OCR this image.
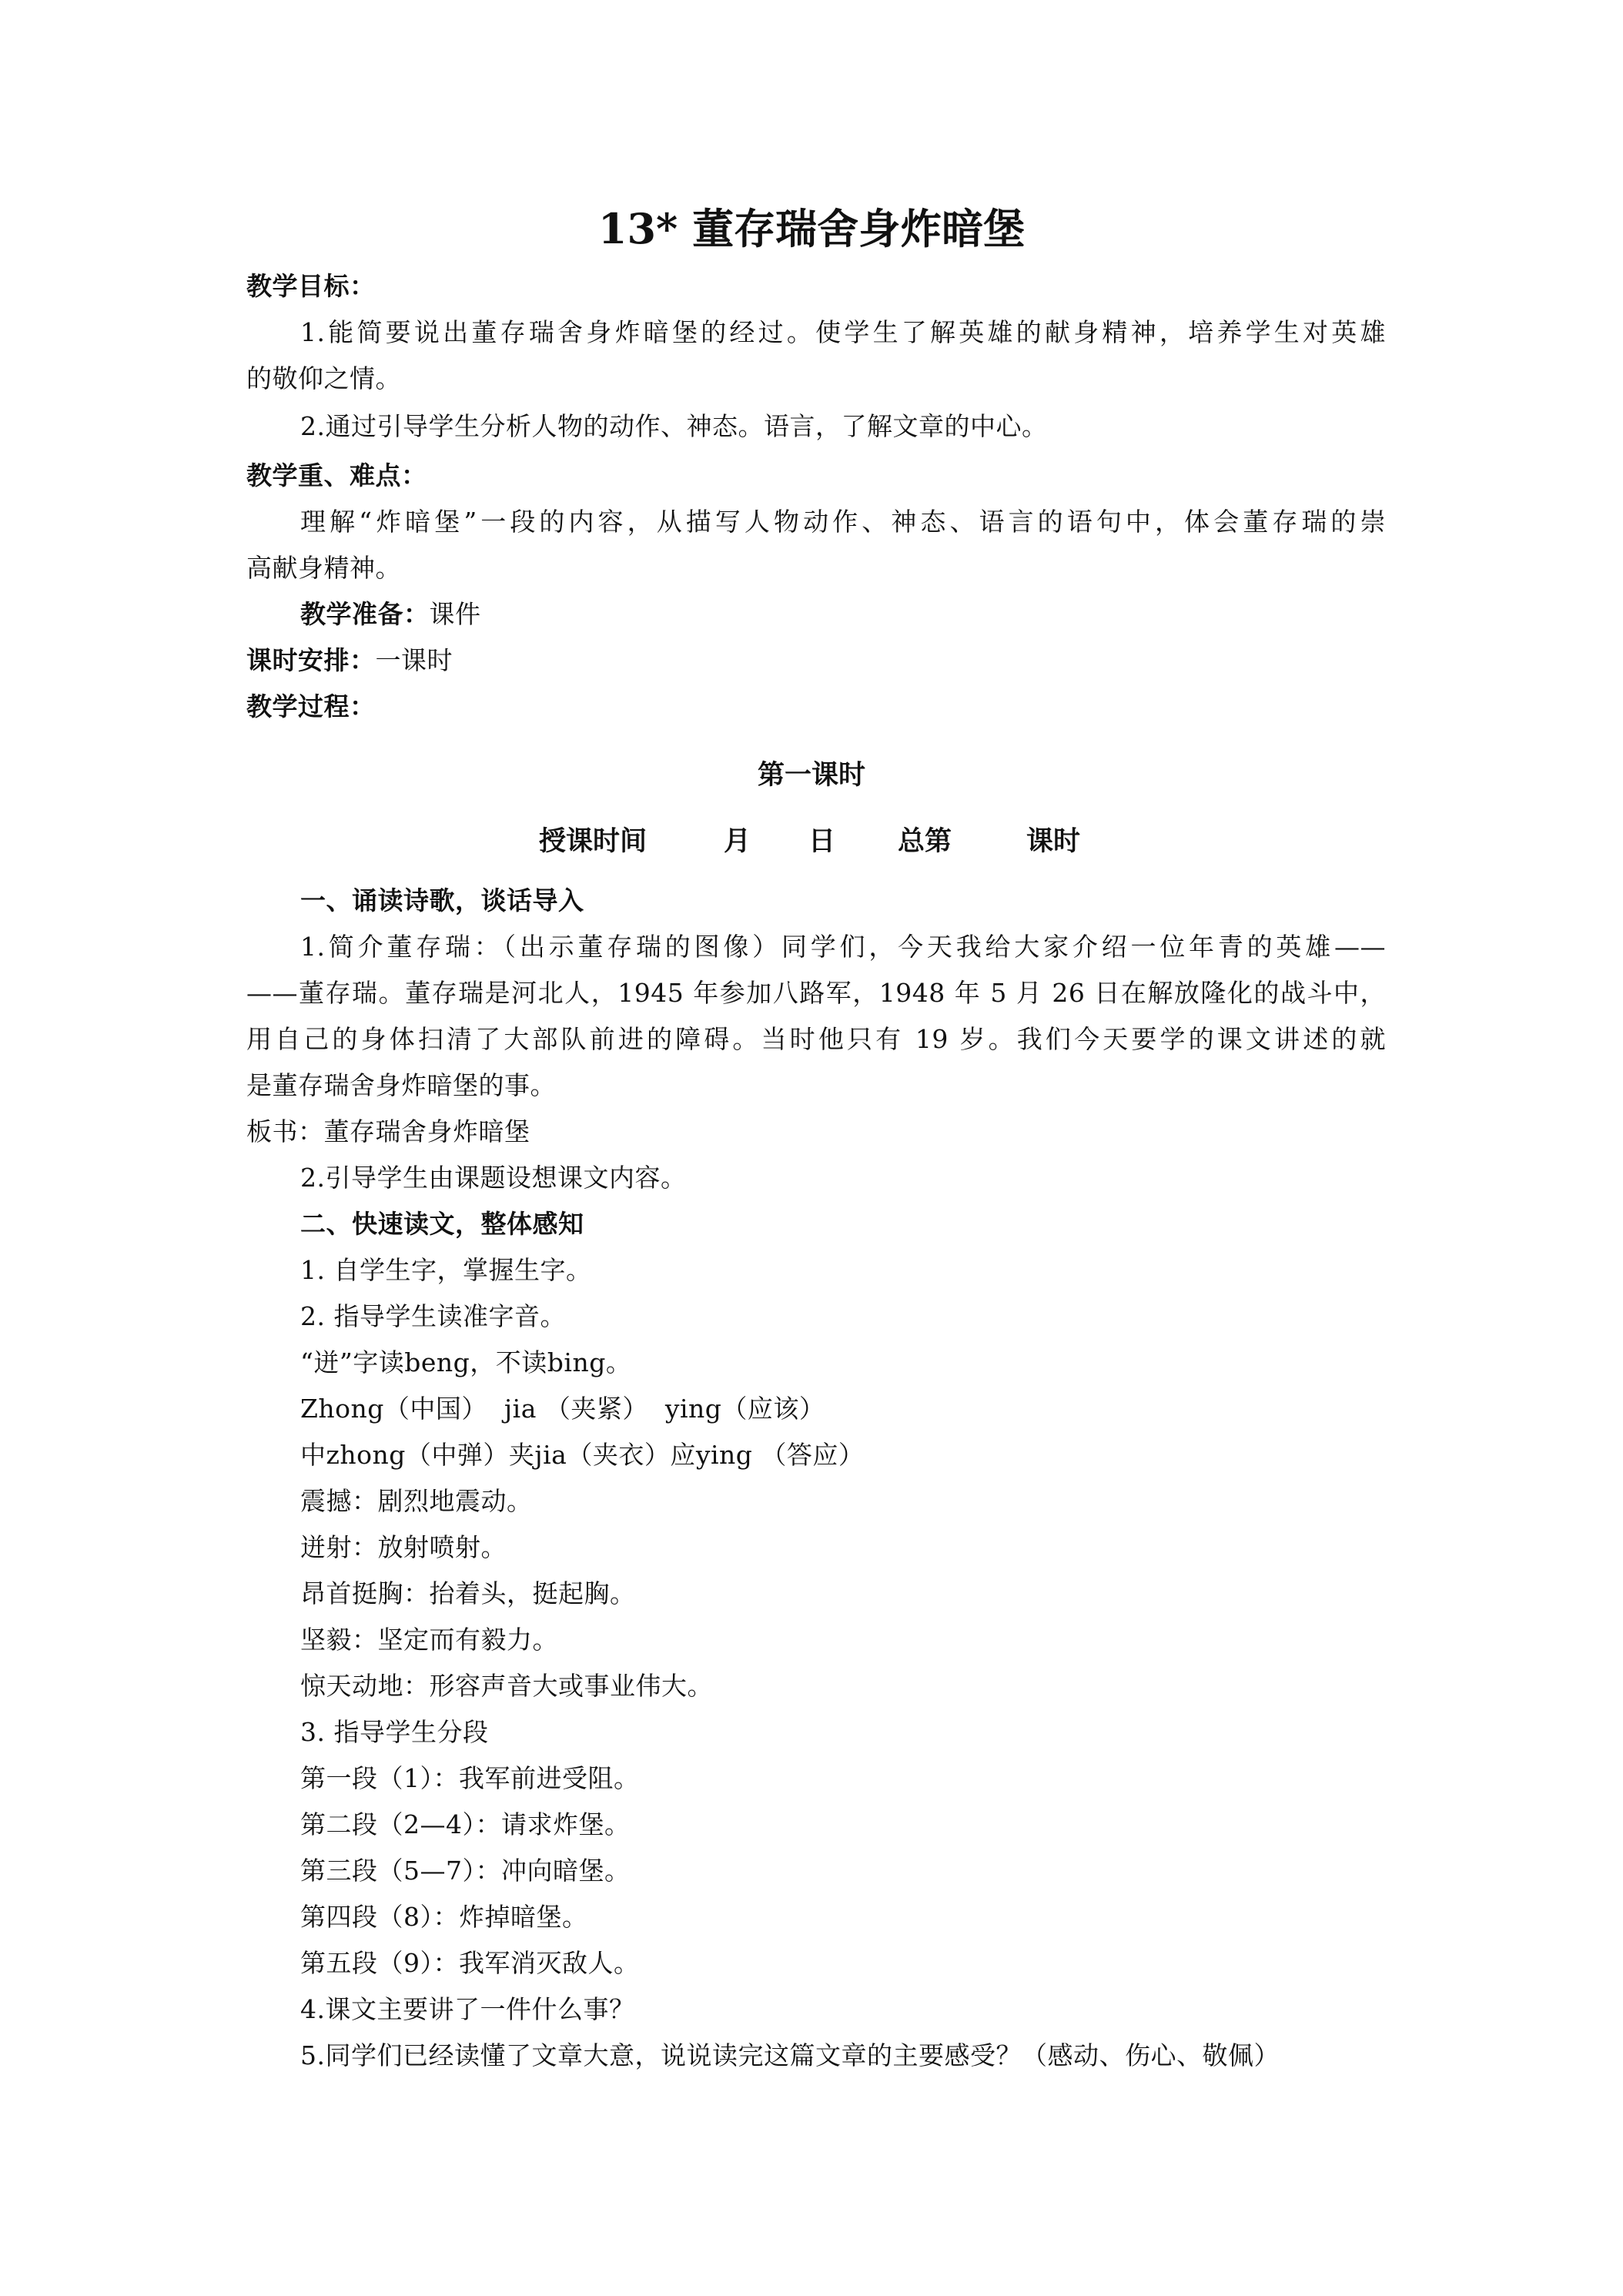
13* 董存瑞舍身炸暗堡
教学目标：
1.能简要说出董存瑞舍身炸暗堡的经过。使学生了解英雄的献身精神，培养学生对英雄
的敬仰之情。
2.通过引导学生分析人物的动作、神态。语言，了解文章的中心。
教学重、难点：
理解“炸暗堡”一段的内容，从描写人物动作、神态、语言的语句中，体会董存瑞的崇
高献身精神。
教学准备：课件
课时安排：一课时
教学过程：
第一课时
授课时间	月 日 总第	课时
一、诵读诗歌，谈话导入
1.简介董存瑞：（出示董存瑞的图像）同学们，今天我给大家介绍一位年青的英雄——
——董存瑞。董存瑞是河北人，1945 年参加八路军，1948 年 5 月 26 日在解放隆化的战斗中，
用自己的身体扫清了大部队前进的障碍。当时他只有 19 岁。我们今天要学的课文讲述的就
是董存瑞舍身炸暗堡的事。
板书：董存瑞舍身炸暗堡
2.引导学生由课题设想课文内容。
二、快速读文，整体感知
1. 自学生字，掌握生字。
2. 指导学生读准字音。
“迸”字读beng，不读bing。
Zhong（中国）  jia （夹紧）  ying（应该）
中zhong（中弹）夹jia（夹衣）应ying （答应）
震撼：剧烈地震动。
迸射：放射喷射。
昂首挺胸：抬着头，挺起胸。
坚毅：坚定而有毅力。
惊天动地：形容声音大或事业伟大。
3. 指导学生分段
第一段（1）：我军前进受阻。
第二段（2—4）：请求炸堡。
第三段（5—7）：冲向暗堡。
第四段（8）：炸掉暗堡。
第五段（9）：我军消灭敌人。
4.课文主要讲了一件什么事？
5.同学们已经读懂了文章大意，说说读完这篇文章的主要感受？（感动、伤心、敬佩）
